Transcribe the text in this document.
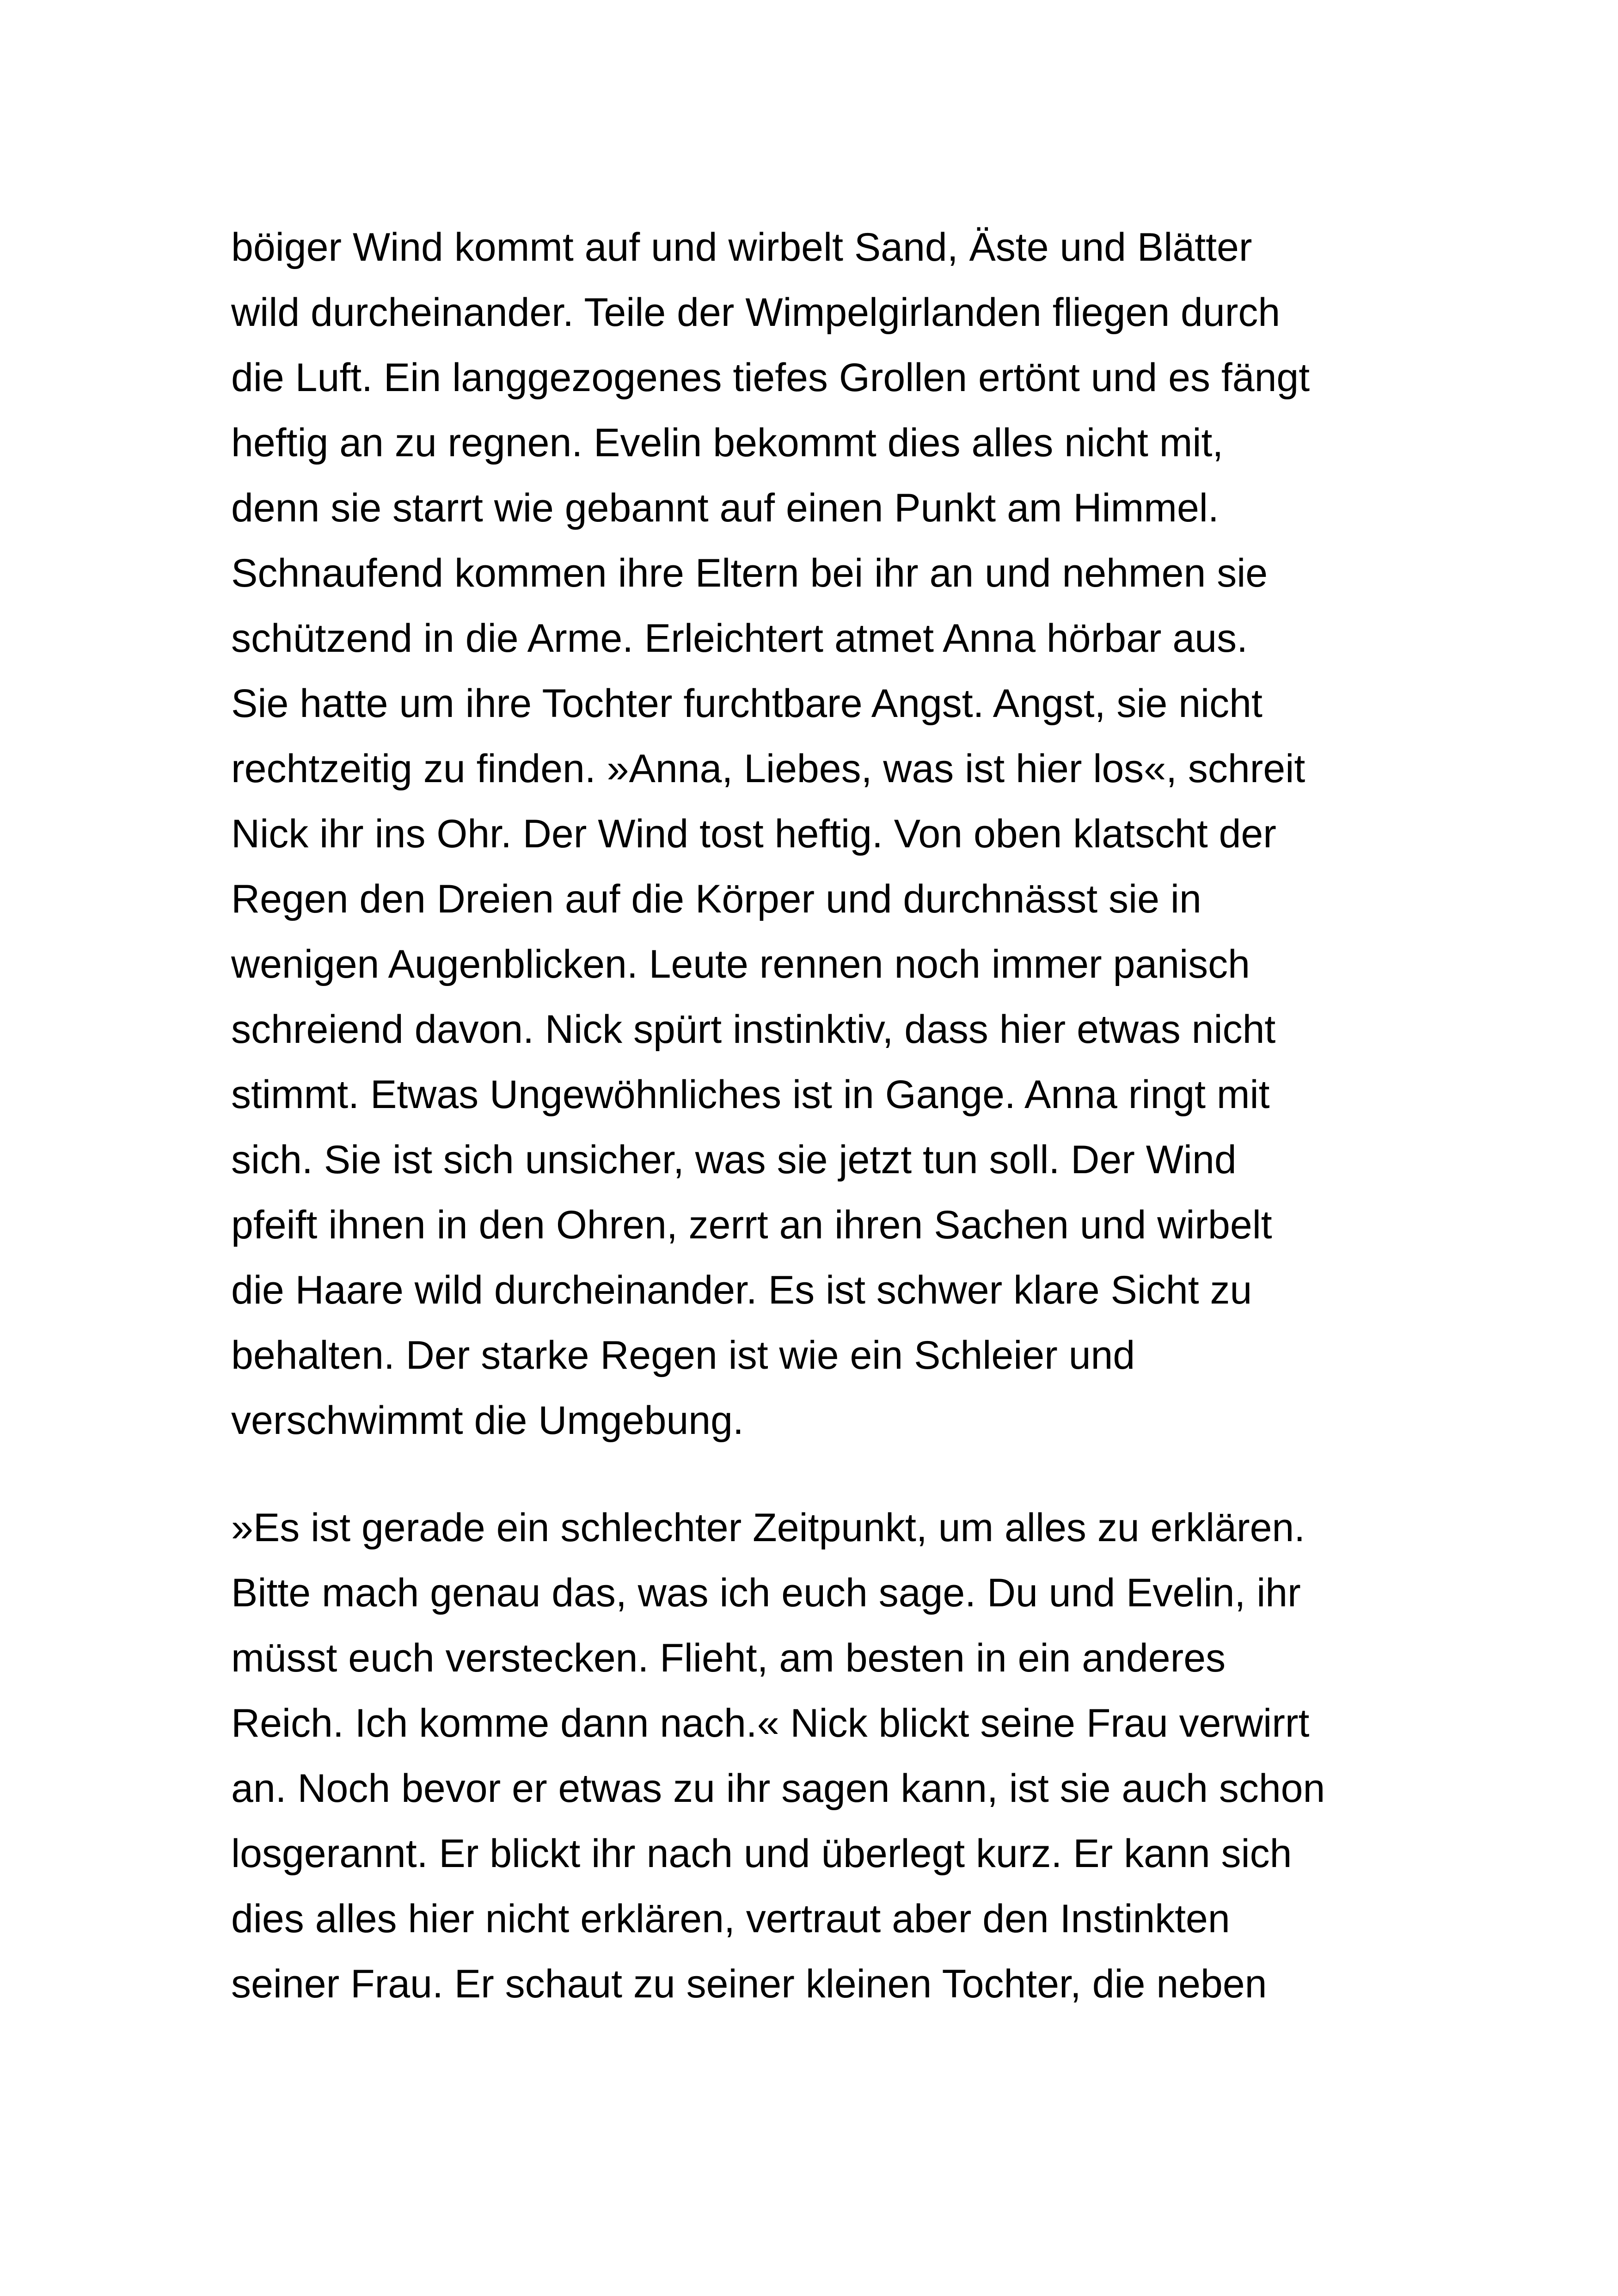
böiger Wind kommt auf und wirbelt Sand, Äste und Blätter
wild durcheinander. Teile der Wimpelgirlanden fliegen durch
die Luft. Ein langgezogenes tiefes Grollen ertönt und es fängt
heftig an zu regnen. Evelin bekommt dies alles nicht mit,
denn sie starrt wie gebannt auf einen Punkt am Himmel.
Schnaufend kommen ihre Eltern bei ihr an und nehmen sie
schützend in die Arme. Erleichtert atmet Anna hörbar aus.
Sie hatte um ihre Tochter furchtbare Angst. Angst, sie nicht
rechtzeitig zu finden. »Anna, Liebes, was ist hier los«, schreit
Nick ihr ins Ohr. Der Wind tost heftig. Von oben klatscht der
Regen den Dreien auf die Körper und durchnässt sie in
wenigen Augenblicken. Leute rennen noch immer panisch
schreiend davon. Nick spürt instinktiv, dass hier etwas nicht
stimmt. Etwas Ungewöhnliches ist in Gange. Anna ringt mit
sich. Sie ist sich unsicher, was sie jetzt tun soll. Der Wind
pfeift ihnen in den Ohren, zerrt an ihren Sachen und wirbelt
die Haare wild durcheinander. Es ist schwer klare Sicht zu
behalten. Der starke Regen ist wie ein Schleier und
verschwimmt die Umgebung.
»Es ist gerade ein schlechter Zeitpunkt, um alles zu erklären.
Bitte mach genau das, was ich euch sage. Du und Evelin, ihr
müsst euch verstecken. Flieht, am besten in ein anderes
Reich. Ich komme dann nach.« Nick blickt seine Frau verwirrt
an. Noch bevor er etwas zu ihr sagen kann, ist sie auch schon
losgerannt. Er blickt ihr nach und überlegt kurz. Er kann sich
dies alles hier nicht erklären, vertraut aber den Instinkten
seiner Frau. Er schaut zu seiner kleinen Tochter, die neben
